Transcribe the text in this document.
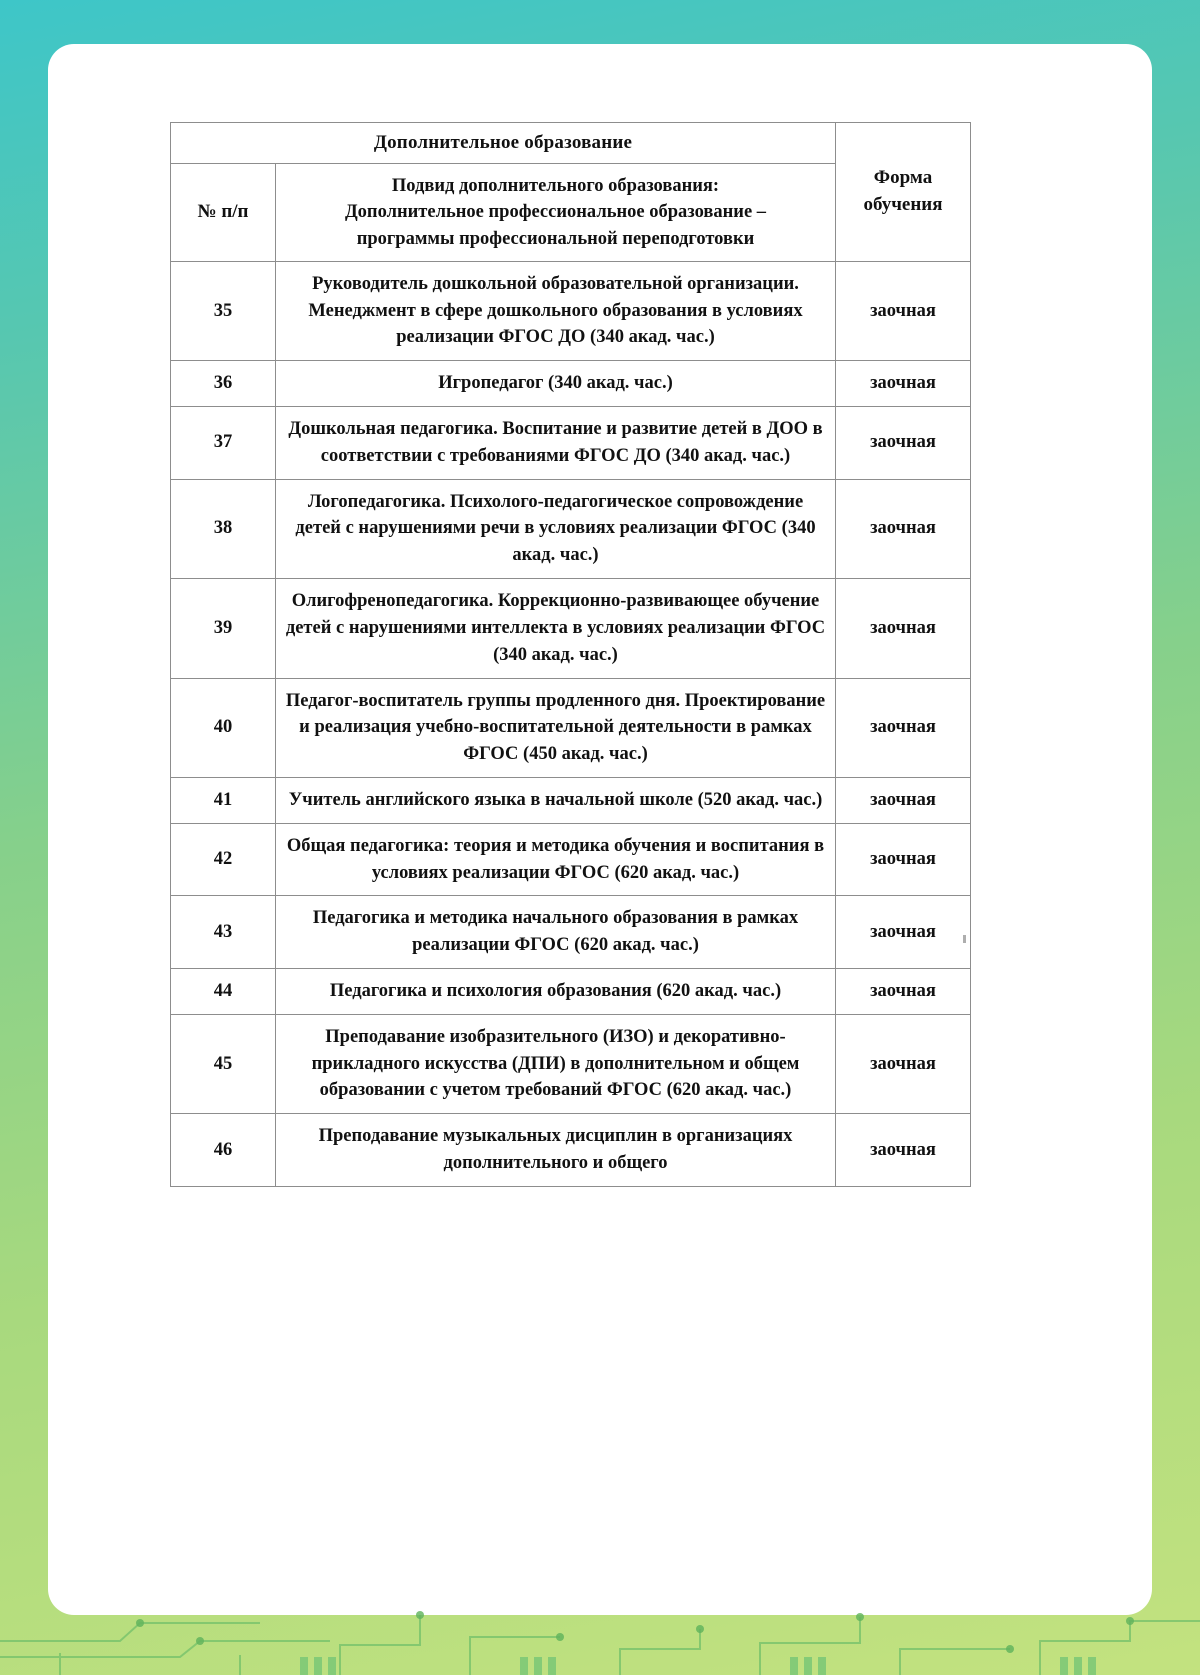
Дополнительное образование		Форма
обучения
№ п/п	Подвид дополнительного образования:
Дополнительное профессиональное образование –
программы профессиональной переподготовки	
35	Руководитель дошкольной образовательной организации. Менеджмент в сфере дошкольного образования в условиях реализации ФГОС ДО (340 акад. час.)	заочная
36	Игропедагог (340 акад. час.)	заочная
37	Дошкольная педагогика. Воспитание и развитие детей в ДОО в соответствии с требованиями ФГОС ДО (340 акад. час.)	заочная
38	Логопедагогика. Психолого-педагогическое сопровождение детей с нарушениями речи в условиях реализации ФГОС (340 акад. час.)	заочная
39	Олигофренопедагогика. Коррекционно-развивающее обучение детей с нарушениями интеллекта в условиях реализации ФГОС (340 акад. час.)	заочная
40	Педагог-воспитатель группы продленного дня. Проектирование и реализация учебно-воспитательной деятельности в рамках ФГОС (450 акад. час.)	заочная
41	Учитель английского языка в начальной школе (520 акад. час.)	заочная
42	Общая педагогика: теория и методика обучения и воспитания в условиях реализации ФГОС (620 акад. час.)	заочная
43	Педагогика и методика начального образования в рамках реализации ФГОС (620 акад. час.)	заочная
44	Педагогика и психология образования (620 акад. час.)	заочная
45	Преподавание изобразительного (ИЗО) и декоративно-прикладного искусства (ДПИ) в дополнительном и общем образовании с учетом требований ФГОС (620 акад. час.)	заочная
46	Преподавание музыкальных дисциплин в организациях дополнительного и общего	заочная
